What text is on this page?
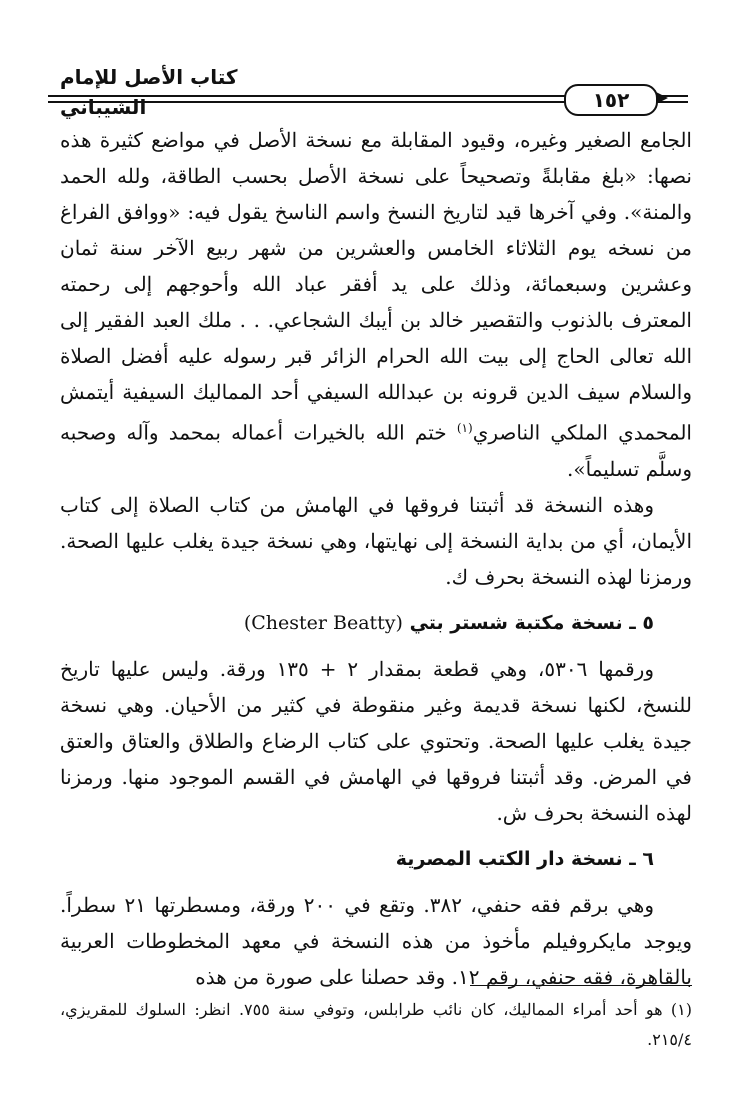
كتاب الأصل للإمام الشيباني	١٥٢

الجامع الصغير وغيره، وقيود المقابلة مع نسخة الأصل في مواضع كثيرة هذه نصها: «بلغ مقابلةً وتصحيحاً على نسخة الأصل بحسب الطاقة، ولله الحمد والمنة». وفي آخرها قيد لتاريخ النسخ واسم الناسخ يقول فيه: «ووافق الفراغ من نسخه يوم الثلاثاء الخامس والعشرين من شهر ربيع الآخر سنة ثمان وعشرين وسبعمائة، وذلك على يد أفقر عباد الله وأحوجهم إلى رحمته المعترف بالذنوب والتقصير خالد بن أيبك الشجاعي. . . ملك العبد الفقير إلى الله تعالى الحاج إلى بيت الله الحرام الزائر قبر رسوله عليه أفضل الصلاة والسلام سيف الدين قرونه بن عبدالله السيفي أحد المماليك السيفية أيتمش المحمدي الملكي الناصري$^{(١)}$ ختم الله بالخيرات أعماله بمحمد وآله وصحبه وسلَّم تسليماً».

وهذه النسخة قد أثبتنا فروقها في الهامش من كتاب الصلاة إلى كتاب الأيمان، أي من بداية النسخة إلى نهايتها، وهي نسخة جيدة يغلب عليها الصحة. ورمزنا لهذه النسخة بحرف ك.

٥ ـ نسخة مكتبة شستر بتي (Chester Beatty)

ورقمها ٥٣٠٦، وهي قطعة بمقدار ٢ + ١٣٥ ورقة. وليس عليها تاريخ للنسخ، لكنها نسخة قديمة وغير منقوطة في كثير من الأحيان. وهي نسخة جيدة يغلب عليها الصحة. وتحتوي على كتاب الرضاع والطلاق والعتاق والعتق في المرض. وقد أثبتنا فروقها في الهامش في القسم الموجود منها. ورمزنا لهذه النسخة بحرف ش.

٦ ـ نسخة دار الكتب المصرية

وهي برقم فقه حنفي، ٣٨٢. وتقع في ٢٠٠ ورقة، ومسطرتها ٢١ سطراً. ويوجد مايكروفيلم مأخوذ من هذه النسخة في معهد المخطوطات العربية بالقاهرة، فقه حنفي، رقم ١٢. وقد حصلنا على صورة من هذه

(١) هو أحد أمراء المماليك، كان نائب طرابلس، وتوفي سنة ٧٥٥. انظر: السلوك للمقريزي، ٢١٥/٤.
